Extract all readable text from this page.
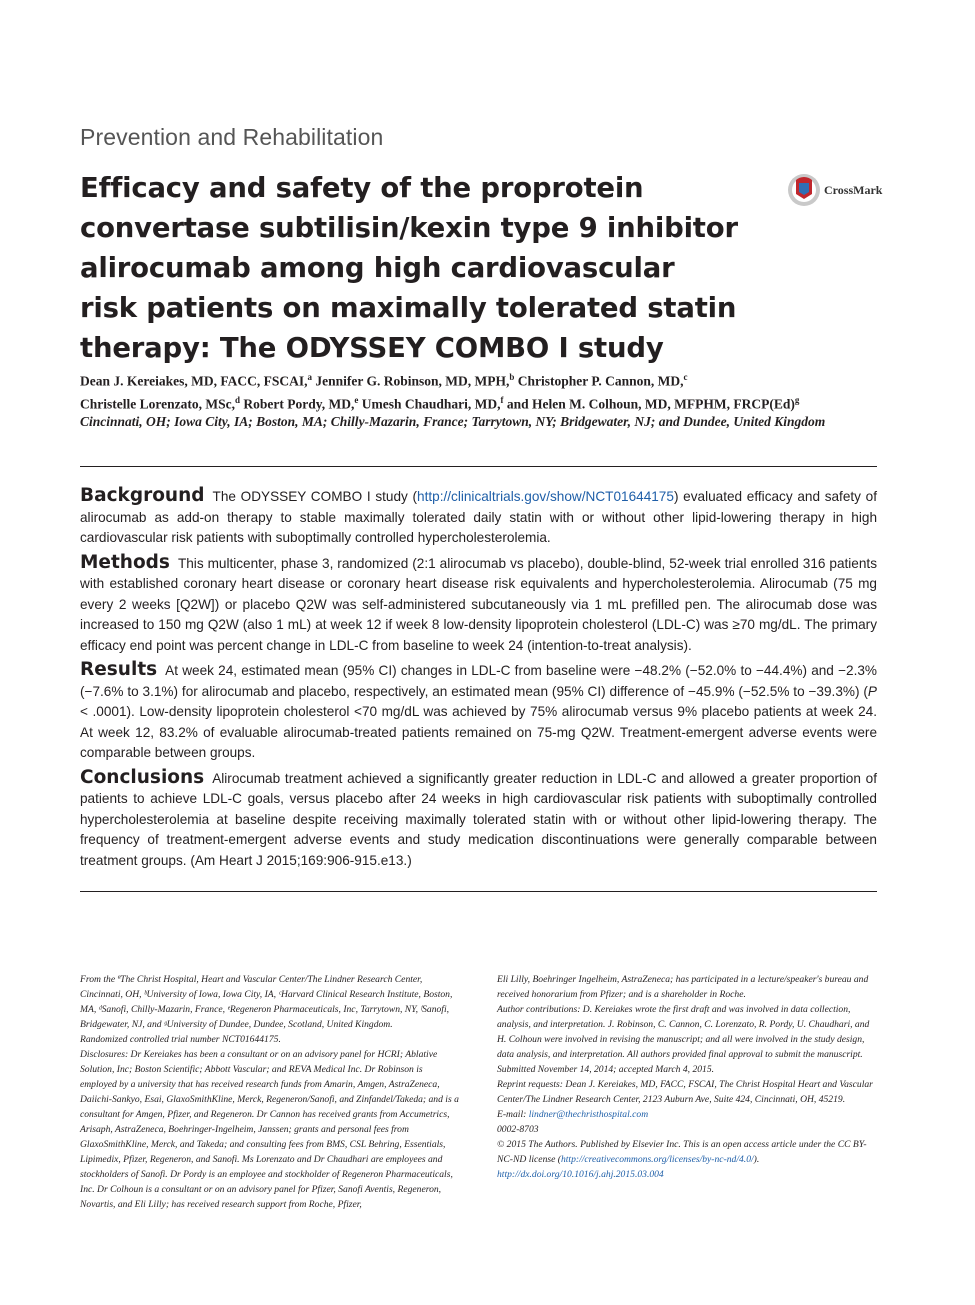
Prevention and Rehabilitation
Efficacy and safety of the proprotein convertase subtilisin/kexin type 9 inhibitor alirocumab among high cardiovascular risk patients on maximally tolerated statin therapy: The ODYSSEY COMBO I study
CrossMark
Dean J. Kereiakes, MD, FACC, FSCAI,$^a$ Jennifer G. Robinson, MD, MPH,$^b$ Christopher P. Cannon, MD,$^c$
Christelle Lorenzato, MSc,$^d$ Robert Pordy, MD,$^e$ Umesh Chaudhari, MD,$^f$ and Helen M. Colhoun, MD, MFPHM, $FRCP(Ed)^g$
Cincinnati, OH; Iowa City, IA; Boston, MA; Chilly-Mazarin, France; Tarrytown, NY; Bridgewater, NJ; and Dundee, United Kingdom

Background The ODYSSEY COMBO I study (http://clinicaltrials.gov/show/NCT01644175) evaluated efficacy and safety of alirocumab as add-on therapy to stable maximally tolerated daily statin with or without other lipid-lowering therapy in high cardiovascular risk patients with suboptimally controlled hypercholesterolemia.

Methods This multicenter, phase 3, randomized (2:1 alirocumab vs placebo), double-blind, 52-week trial enrolled 316 patients with established coronary heart disease or coronary heart disease risk equivalents and hypercholesterolemia. Alirocumab (75 mg every 2 weeks [Q2W]) or placebo Q2W was self-administered subcutaneously via 1 mL prefilled pen. The alirocumab dose was increased to 150 mg Q2W (also 1 mL) at week 12 if week 8 low-density lipoprotein cholesterol (LDL-C) was ≥70 mg/dL. The primary efficacy end point was percent change in LDL-C from baseline to week 24 (intention-to-treat analysis).

Results At week 24, estimated mean (95% CI) changes in LDL-C from baseline were −48.2% (−52.0% to −44.4%) and −2.3% (−7.6% to 3.1%) for alirocumab and placebo, respectively, an estimated mean (95% CI) difference of −45.9% (−52.5% to −39.3%) (P < .0001). Low-density lipoprotein cholesterol <70 mg/dL was achieved by 75% alirocumab versus 9% placebo patients at week 24. At week 12, 83.2% of evaluable alirocumab-treated patients remained on 75-mg Q2W. Treatment-emergent adverse events were comparable between groups.

Conclusions Alirocumab treatment achieved a significantly greater reduction in LDL-C and allowed a greater proportion of patients to achieve LDL-C goals, versus placebo after 24 weeks in high cardiovascular risk patients with suboptimally controlled hypercholesterolemia at baseline despite receiving maximally tolerated statin with or without other lipid-lowering therapy. The frequency of treatment-emergent adverse events and study medication discontinuations were generally comparable between treatment groups. (Am Heart J 2015;169:906-915.e13.)

From the ªThe Christ Hospital, Heart and Vascular Center/The Lindner Research Center, Cincinnati, OH, ᵇUniversity of Iowa, Iowa City, IA, ᶜHarvard Clinical Research Institute, Boston, MA, ᵈSanofi, Chilly-Mazarin, France, ᵉRegeneron Pharmaceuticals, Inc, Tarrytown, NY, ᶠSanofi, Bridgewater, NJ, and ᵍUniversity of Dundee, Dundee, Scotland, United Kingdom.

Randomized controlled trial number NCT01644175.

Disclosures: Dr Kereiakes has been a consultant or on an advisory panel for HCRI; Ablative Solution, Inc; Boston Scientific; Abbott Vascular; and REVA Medical Inc. Dr Robinson is employed by a university that has received research funds from Amarin, Amgen, AstraZeneca, Daiichi-Sankyo, Esai, GlaxoSmithKline, Merck, Regeneron/Sanofi, and Zinfandel/Takeda; and is a consultant for Amgen, Pfizer, and Regeneron. Dr Cannon has received grants from Accumetrics, Arisaph, AstraZeneca, Boehringer-Ingelheim, Janssen; grants and personal fees from GlaxoSmithKline, Merck, and Takeda; and consulting fees from BMS, CSL Behring, Essentials, Lipimedix, Pfizer, Regeneron, and Sanofi. Ms Lorenzato and Dr Chaudhari are employees and stockholders of Sanofi. Dr Pordy is an employee and stockholder of Regeneron Pharmaceuticals, Inc. Dr Colhoun is a consultant or on an advisory panel for Pfizer, Sanofi Aventis, Regeneron, Novartis, and Eli Lilly; has received research support from Roche, Pfizer,

Eli Lilly, Boehringer Ingelheim, AstraZeneca; has participated in a lecture/speaker's bureau and received honorarium from Pfizer; and is a shareholder in Roche.

Author contributions: D. Kereiakes wrote the first draft and was involved in data collection, analysis, and interpretation. J. Robinson, C. Cannon, C. Lorenzato, R. Pordy, U. Chaudhari, and H. Colhoun were involved in revising the manuscript; and all were involved in the study design, data analysis, and interpretation. All authors provided final approval to submit the manuscript.

Submitted November 14, 2014; accepted March 4, 2015.

Reprint requests: Dean J. Kereiakes, MD, FACC, FSCAI, The Christ Hospital Heart and Vascular Center/The Lindner Research Center, 2123 Auburn Ave, Suite 424, Cincinnati, OH, 45219.

E-mail: lindner@thechristhospital.com

0002-8703

© 2015 The Authors. Published by Elsevier Inc. This is an open access article under the CC BY-NC-ND license (http://creativecommons.org/licenses/by-nc-nd/4.0/).

http://dx.doi.org/10.1016/j.ahj.2015.03.004
